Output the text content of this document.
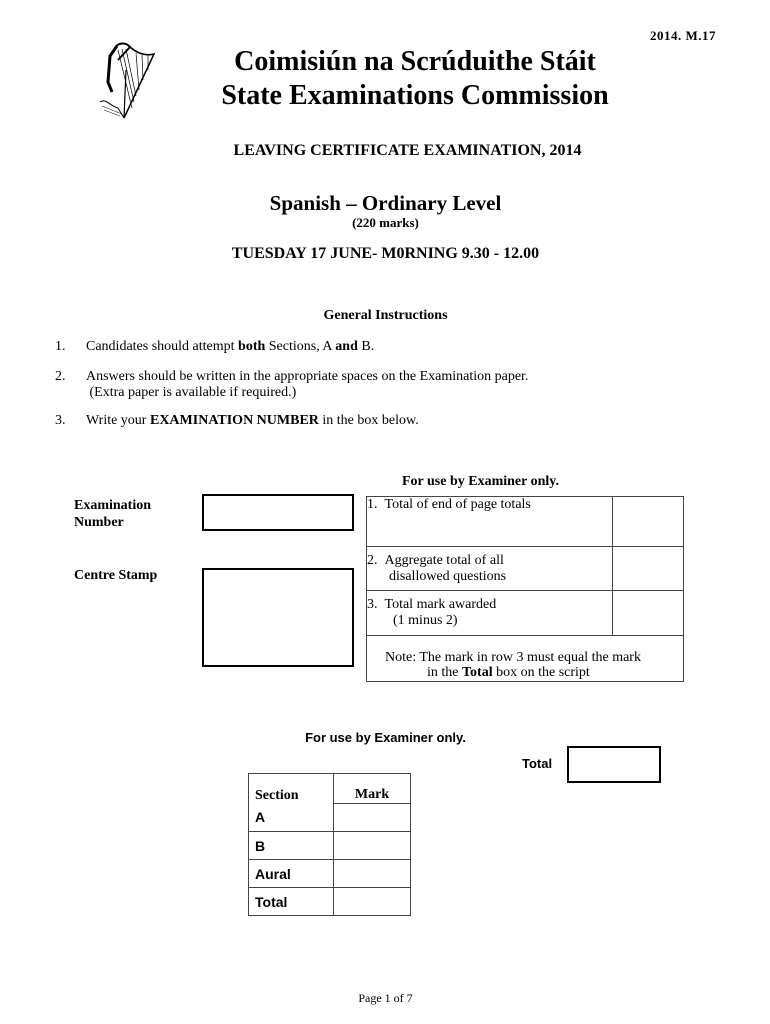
2014. M.17
Coimisiún na Scrúduithe Stáit
State Examinations Commission
LEAVING CERTIFICATE EXAMINATION, 2014
Spanish – Ordinary Level
(220 marks)
TUESDAY 17 JUNE- M0RNING 9.30 - 12.00
General Instructions
1. Candidates should attempt both Sections, A and B.
2. Answers should be written in the appropriate spaces on the Examination paper.
(Extra paper is available if required.)
3. Write your EXAMINATION NUMBER in the box below.
For use by Examiner only.
Examination
Number
Centre Stamp
1. Total of end of page totals	
2. Aggregate total of all
disallowed questions	
3. Total mark awarded
(1 minus 2)	
Note: The mark in row 3 must equal the mark
in the Total box on the script	
For use by Examiner only.
Total
Section	Mark
A	
B	
Aural	
Total	
Page 1 of 7
